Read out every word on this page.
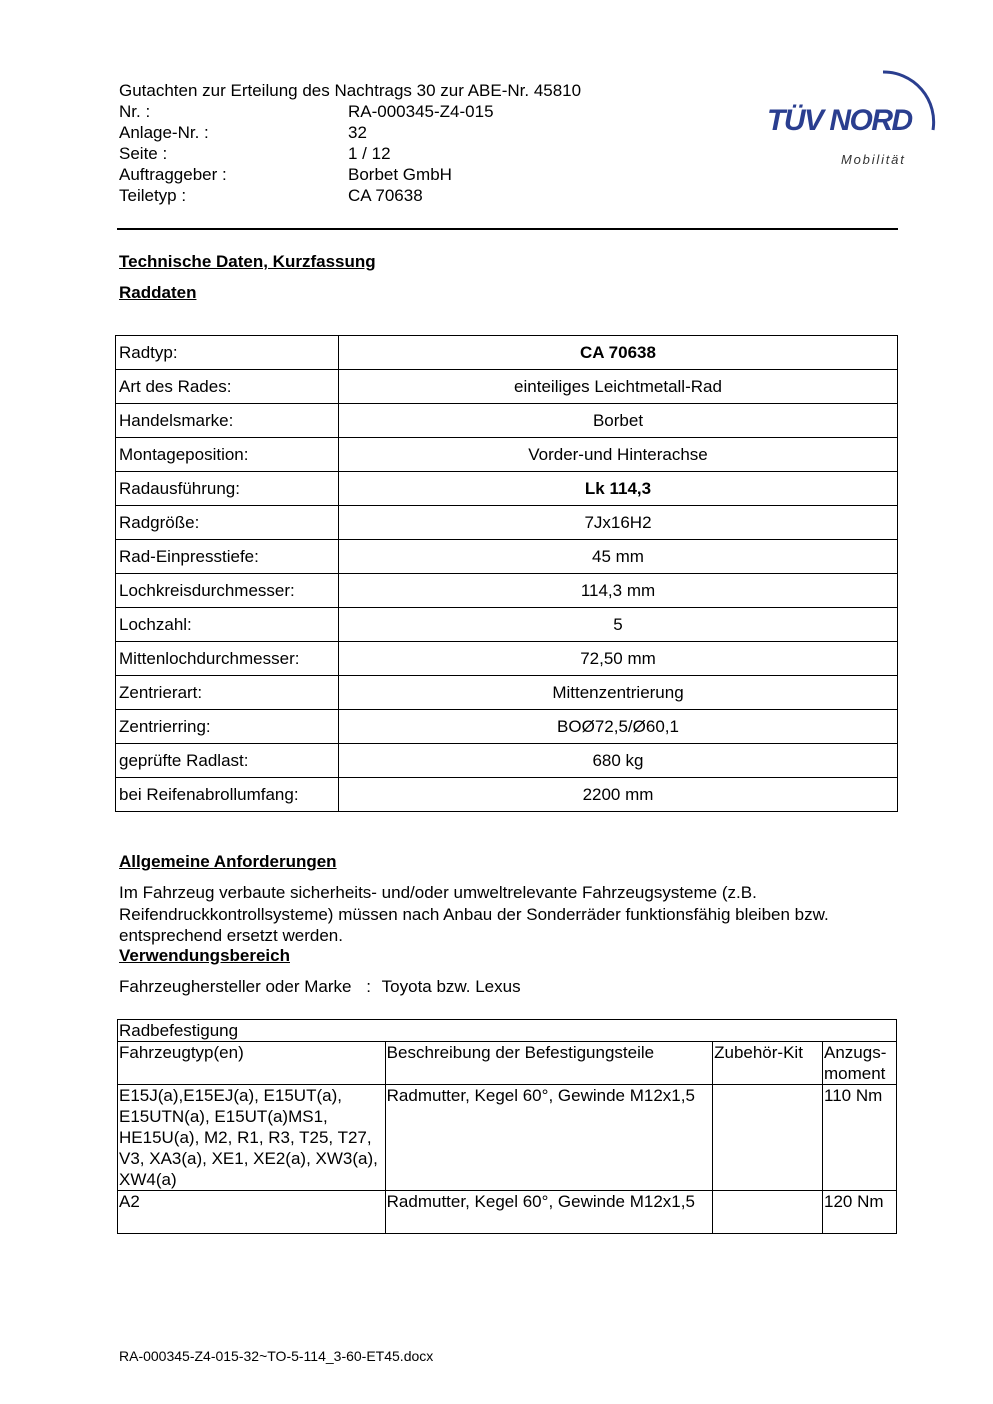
Gutachten zur Erteilung des Nachtrags 30 zur ABE-Nr. 45810
Nr. :	RA-000345-Z4-015
Anlage-Nr. :	32
Seite :	1 / 12
Auftraggeber :	Borbet GmbH
Teiletyp :	CA 70638
TÜV NORD
Mobilität
Technische Daten, Kurzfassung
Raddaten
Radtyp:	CA 70638
Art des Rades:	einteiliges Leichtmetall-Rad
Handelsmarke:	Borbet
Montageposition:	Vorder-und Hinterachse
Radausführung:	Lk 114,3
Radgröße:	7Jx16H2
Rad-Einpresstiefe:	45 mm
Lochkreisdurchmesser:	114,3 mm
Lochzahl:	5
Mittenlochdurchmesser:	72,50 mm
Zentrierart:	Mittenzentrierung
Zentrierring:	BOØ72,5/Ø60,1
geprüfte Radlast:	680 kg
bei Reifenabrollumfang:	2200 mm
Allgemeine Anforderungen
Im Fahrzeug verbaute sicherheits- und/oder umweltrelevante Fahrzeugsysteme (z.B. Reifendruckkontrollsysteme) müssen nach Anbau der Sonderräder funktionsfähig bleiben bzw. entsprechend ersetzt werden.
Verwendungsbereich
Fahrzeughersteller oder Marke : Toyota bzw. Lexus
Radbefestigung			
Fahrzeugtyp(en)	Beschreibung der Befestigungsteile	Zubehör-Kit	Anzugs-moment
E15J(a),E15EJ(a), E15UT(a), E15UTN(a), E15UT(a)MS1, HE15U(a), M2, R1, R3, T25, T27, V3, XA3(a), XE1, XE2(a), XW3(a), XW4(a)	Radmutter, Kegel 60°, Gewinde M12x1,5		110 Nm
A2	Radmutter, Kegel 60°, Gewinde M12x1,5		120 Nm
RA-000345-Z4-015-32~TO-5-114_3-60-ET45.docx
